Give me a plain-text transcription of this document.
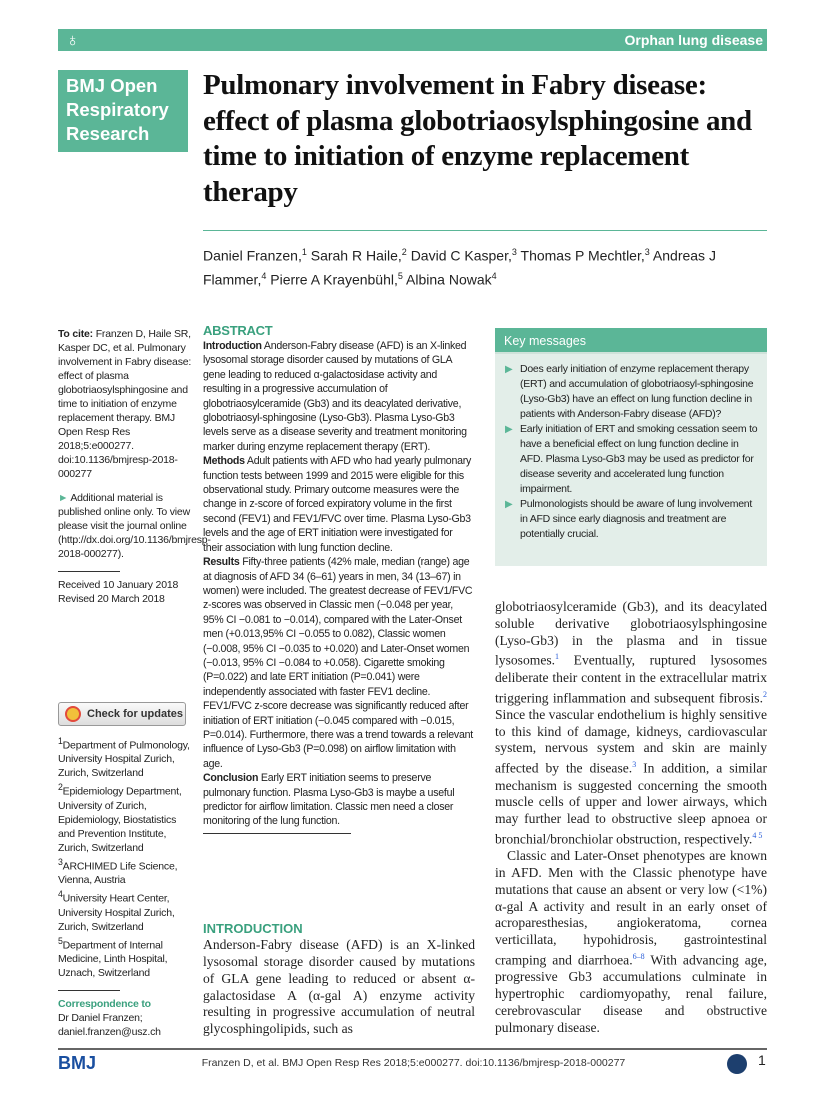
♁	Orphan lung disease
BMJ Open
Respiratory
Research
Pulmonary involvement in Fabry disease: effect of plasma globotriaosylsphingosine and time to initiation of enzyme replacement therapy
Daniel Franzen,$^1$ Sarah R Haile,$^2$ David C Kasper,$^3$ Thomas P Mechtler,$^3$ Andreas J Flammer,$^4$ Pierre A Krayenbühl,$^5$ Albina Nowak$^4$
To cite: Franzen D, Haile SR, Kasper DC, et al. Pulmonary involvement in Fabry disease: effect of plasma globotriaosylsphingosine and time to initiation of enzyme replacement therapy. BMJ Open Resp Res 2018;5:e000277. doi:10.1136/bmjresp-2018-000277
► Additional material is published online only. To view please visit the journal online (http://dx.doi.org/10.1136/bmjresp-2018-000277).
Received 10 January 2018
Revised 20 March 2018
Check for updates
$^1$Department of Pulmonology, University Hospital Zurich, Zurich, Switzerland
$^2$Epidemiology Department, University of Zurich, Epidemiology, Biostatistics and Prevention Institute, Zurich, Switzerland
$^3$ARCHIMED Life Science, Vienna, Austria
$^4$University Heart Center, University Hospital Zurich, Zurich, Switzerland
$^5$Department of Internal Medicine, Linth Hospital, Uznach, Switzerland
Correspondence to
Dr Daniel Franzen;
daniel.franzen@usz.ch
ABSTRACT

Introduction Anderson-Fabry disease (AFD) is an X-linked lysosomal storage disorder caused by mutations of GLA gene leading to reduced α-galactosidase activity and resulting in a progressive accumulation of globotriaosylceramide (Gb3) and its deacylated derivative, globotriaosyl-sphingosine (Lyso-Gb3). Plasma Lyso-Gb3 levels serve as a disease severity and treatment monitoring marker during enzyme replacement therapy (ERT).

Methods Adult patients with AFD who had yearly pulmonary function tests between 1999 and 2015 were eligible for this observational study. Primary outcome measures were the change in z-score of forced expiratory volume in the first second (FEV1) and FEV1/FVC over time. Plasma Lyso-Gb3 levels and the age of ERT initiation were investigated for their association with lung function decline.

Results Fifty-three patients (42% male, median (range) age at diagnosis of AFD 34 (6–61) years in men, 34 (13–67) in women) were included. The greatest decrease of FEV1/FVC z-scores was observed in Classic men (−0.048 per year, 95% CI −0.081 to −0.014), compared with the Later-Onset men (+0.013,95% CI −0.055 to 0.082), Classic women (−0.008, 95% CI −0.035 to +0.020) and Later-Onset women (−0.013, 95% CI −0.084 to +0.058). Cigarette smoking (P=0.022) and late ERT initiation (P=0.041) were independently associated with faster FEV1 decline. FEV1/FVC z-score decrease was significantly reduced after initiation of ERT initiation (−0.045 compared with −0.015, P=0.014). Furthermore, there was a trend towards a relevant influence of Lyso-Gb3 (P=0.098) on airflow limitation with age.

Conclusion Early ERT initiation seems to preserve pulmonary function. Plasma Lyso-Gb3 is maybe a useful predictor for airflow limitation. Classic men need a closer monitoring of the lung function.

INTRODUCTION

Anderson-Fabry disease (AFD) is an X-linked lysosomal storage disorder caused by mutations of GLA gene leading to reduced or absent α-galactosidase A (α-gal A) enzyme activity resulting in progressive accumulation of neutral glycosphingolipids, such as

Key messages
▶ Does early initiation of enzyme replacement therapy (ERT) and accumulation of globotriaosyl-sphingosine (Lyso-Gb3) have an effect on lung function decline in patients with Anderson-Fabry disease (AFD)?
▶ Early initiation of ERT and smoking cessation seem to have a beneficial effect on lung function decline in AFD. Plasma Lyso-Gb3 may be used as predictor for disease severity and accelerated lung function impairment.
▶ Pulmonologists should be aware of lung involvement in AFD since early diagnosis and treatment are potentially crucial.

globotriaosylceramide (Gb3), and its deacylated soluble derivative globotriaosylsphingosine (Lyso-Gb3) in the plasma and in tissue lysosomes.$^1$ Eventually, ruptured lysosomes deliberate their content in the extracellular matrix triggering inflammation and subsequent fibrosis.$^2$ Since the vascular endothelium is highly sensitive to this kind of damage, kidneys, cardiovascular system, nervous system and skin are mainly affected by the disease.$^3$ In addition, a similar mechanism is suggested concerning the smooth muscle cells of upper and lower airways, which may further lead to obstructive sleep apnoea or bronchial/bronchiolar obstruction, respectively.$^{4 5}$

Classic and Later-Onset phenotypes are known in AFD. Men with the Classic phenotype have mutations that cause an absent or very low (<1%) α-gal A activity and result in an early onset of acroparesthesias, angiokeratoma, cornea verticillata, hypohidrosis, gastrointestinal cramping and diarrhoea.$^{6-8}$ With advancing age, progressive Gb3 accumulations culminate in hypertrophic cardiomyopathy, renal failure, cerebrovascular disease and obstructive pulmonary disease.

BMJ	Franzen D, et al. BMJ Open Resp Res 2018;5:e000277. doi:10.1136/bmjresp-2018-000277	1
